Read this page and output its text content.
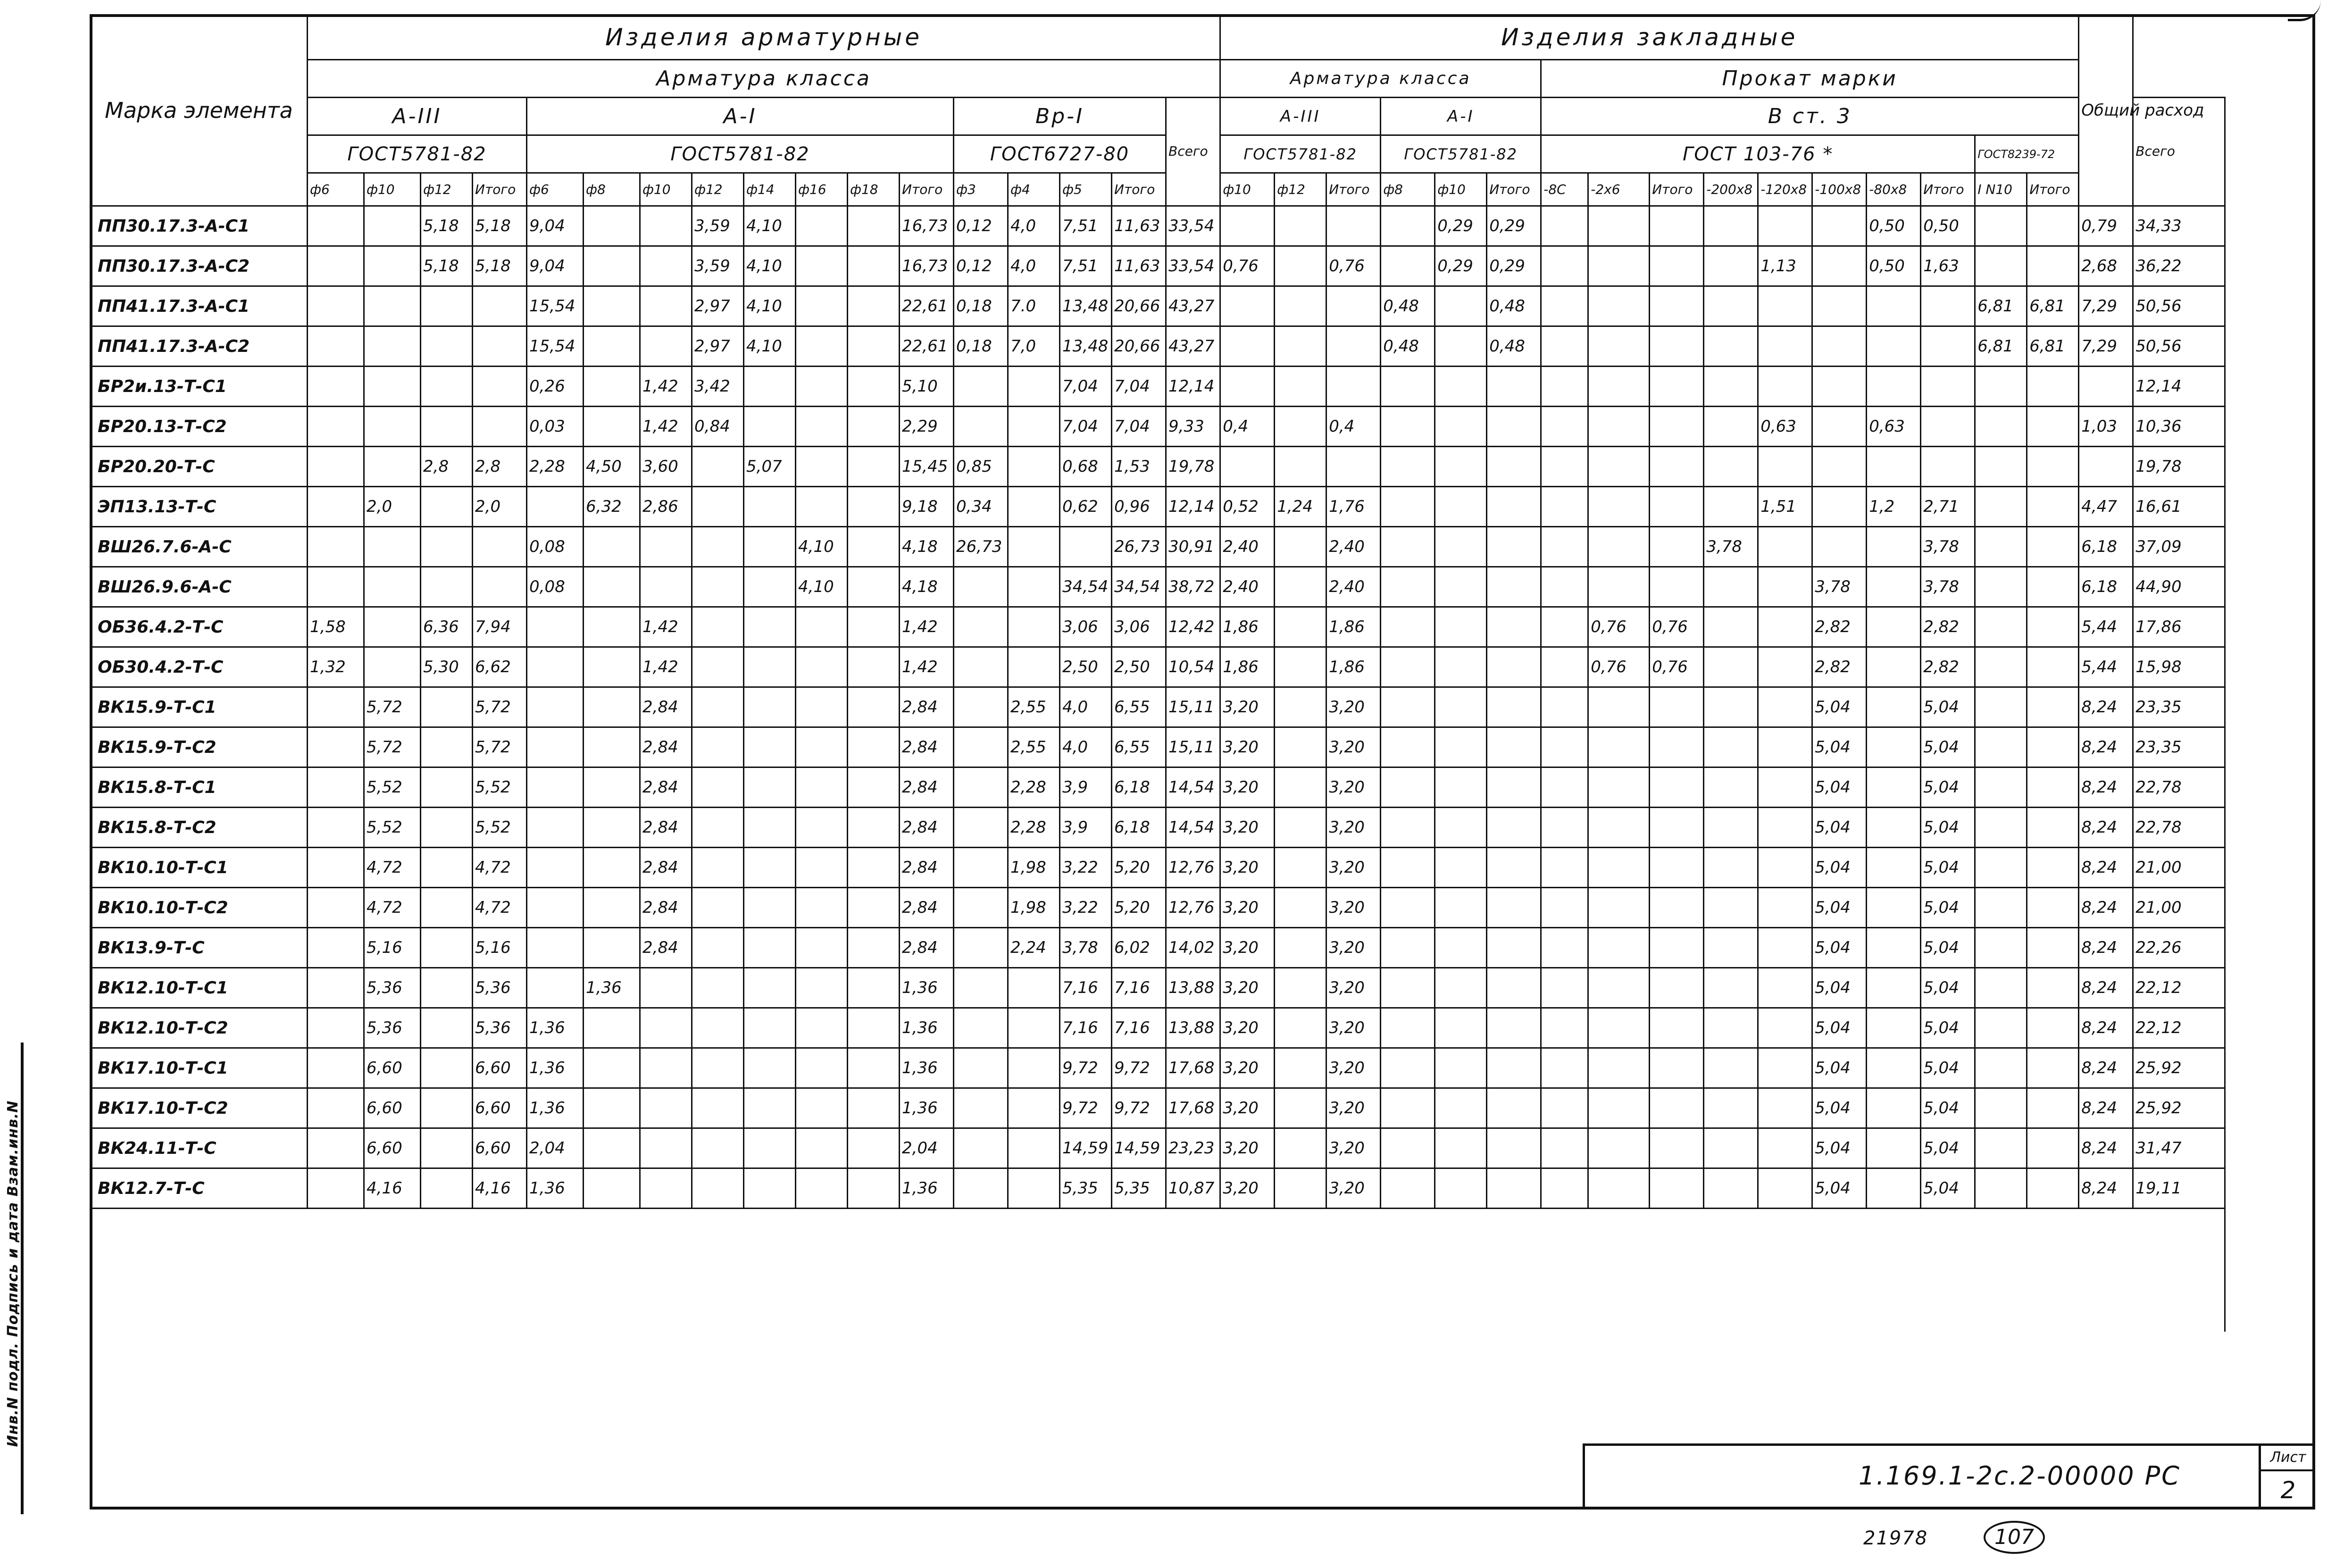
Инв.N подл. Подпись и дата Взам.инв.N
Марка элемента	Изделия арматурные																	Изделия закладные																Общий расход	
	Арматура класса																	Арматура класса						Прокат марки											
	А-III				А-I								Вр-I				Всего	А-III			А-I			В ст. 3											Всего
	ГОСТ5781-82				ГОСТ5781-82								ГОСТ6727-80					ГОСТ5781-82			ГОСТ5781-82			ГОСТ 103-76 *								ГОСТ8239-72			
	ф6	ф10	ф12	Итого	ф6	ф8	ф10	ф12	ф14	ф16	ф18	Итого	ф3	ф4	ф5	Итого		ф10	ф12	Итого	ф8	ф10	Итого	-8С	-2х6	Итого	-200х8	-120х8	-100х8	-80х8	Итого	I N10	Итого		
ПП30.17.3-А-С1			5,18	5,18	9,04			3,59	4,10			16,73	0,12	4,0	7,51	11,63	33,54					0,29	0,29							0,50	0,50			0,79	34,33
ПП30.17.3-А-С2			5,18	5,18	9,04			3,59	4,10			16,73	0,12	4,0	7,51	11,63	33,54	0,76		0,76		0,29	0,29					1,13		0,50	1,63			2,68	36,22
ПП41.17.3-А-С1					15,54			2,97	4,10			22,61	0,18	7.0	13,48	20,66	43,27				0,48		0,48									6,81	6,81	7,29	50,56
ПП41.17.3-А-С2					15,54			2,97	4,10			22,61	0,18	7,0	13,48	20,66	43,27				0,48		0,48									6,81	6,81	7,29	50,56
БР2и.13-Т-С1					0,26		1,42	3,42				5,10			7,04	7,04	12,14																		12,14
БР20.13-Т-С2					0,03		1,42	0,84				2,29			7,04	7,04	9,33	0,4		0,4								0,63		0,63				1,03	10,36
БР20.20-Т-С			2,8	2,8	2,28	4,50	3,60		5,07			15,45	0,85		0,68	1,53	19,78																		19,78
ЭП13.13-Т-С		2,0		2,0		6,32	2,86					9,18	0,34		0,62	0,96	12,14	0,52	1,24	1,76								1,51		1,2	2,71			4,47	16,61
ВШ26.7.6-А-С					0,08					4,10		4,18	26,73			26,73	30,91	2,40		2,40							3,78				3,78			6,18	37,09
ВШ26.9.6-А-С					0,08					4,10		4,18			34,54	34,54	38,72	2,40		2,40									3,78		3,78			6,18	44,90
ОБ36.4.2-Т-С	1,58		6,36	7,94			1,42					1,42			3,06	3,06	12,42	1,86		1,86					0,76	0,76			2,82		2,82			5,44	17,86
ОБ30.4.2-Т-С	1,32		5,30	6,62			1,42					1,42			2,50	2,50	10,54	1,86		1,86					0,76	0,76			2,82		2,82			5,44	15,98
ВК15.9-Т-С1		5,72		5,72			2,84					2,84		2,55	4,0	6,55	15,11	3,20		3,20									5,04		5,04			8,24	23,35
ВК15.9-Т-С2		5,72		5,72			2,84					2,84		2,55	4,0	6,55	15,11	3,20		3,20									5,04		5,04			8,24	23,35
ВК15.8-Т-С1		5,52		5,52			2,84					2,84		2,28	3,9	6,18	14,54	3,20		3,20									5,04		5,04			8,24	22,78
ВК15.8-Т-С2		5,52		5,52			2,84					2,84		2,28	3,9	6,18	14,54	3,20		3,20									5,04		5,04			8,24	22,78
ВК10.10-Т-С1		4,72		4,72			2,84					2,84		1,98	3,22	5,20	12,76	3,20		3,20									5,04		5,04			8,24	21,00
ВК10.10-Т-С2		4,72		4,72			2,84					2,84		1,98	3,22	5,20	12,76	3,20		3,20									5,04		5,04			8,24	21,00
ВК13.9-Т-С		5,16		5,16			2,84					2,84		2,24	3,78	6,02	14,02	3,20		3,20									5,04		5,04			8,24	22,26
ВК12.10-Т-С1		5,36		5,36		1,36						1,36			7,16	7,16	13,88	3,20		3,20									5,04		5,04			8,24	22,12
ВК12.10-Т-С2		5,36		5,36	1,36							1,36			7,16	7,16	13,88	3,20		3,20									5,04		5,04			8,24	22,12
ВК17.10-Т-С1		6,60		6,60	1,36							1,36			9,72	9,72	17,68	3,20		3,20									5,04		5,04			8,24	25,92
ВК17.10-Т-С2		6,60		6,60	1,36							1,36			9,72	9,72	17,68	3,20		3,20									5,04		5,04			8,24	25,92
ВК24.11-Т-С		6,60		6,60	2,04							2,04			14,59	14,59	23,23	3,20		3,20									5,04		5,04			8,24	31,47
ВК12.7-Т-С		4,16		4,16	1,36							1,36			5,35	5,35	10,87	3,20		3,20									5,04		5,04			8,24	19,11

1.169.1-2с.2-00000 РС
Лист
2
21978	107
